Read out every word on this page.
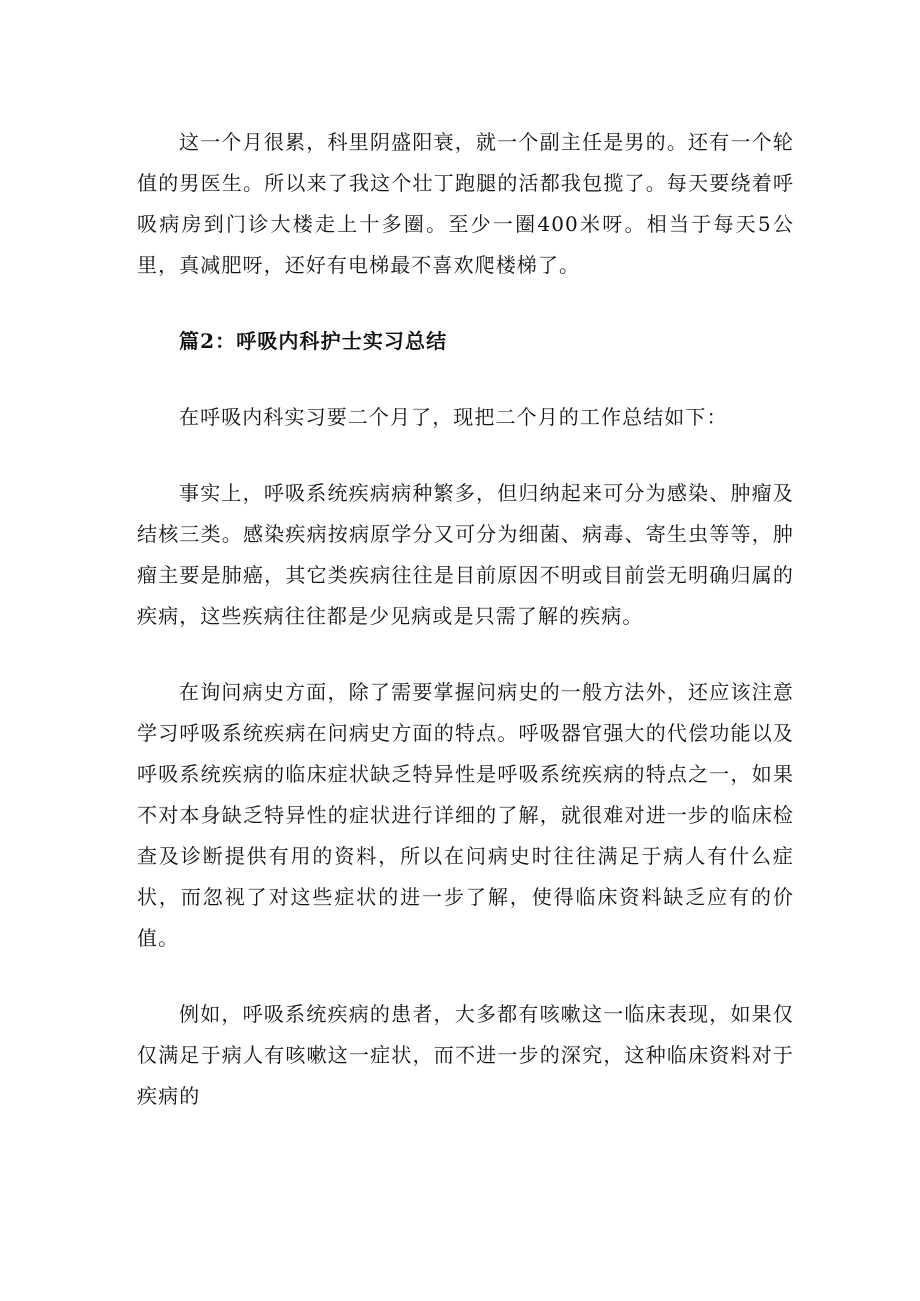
这一个月很累，科里阴盛阳衰，就一个副主任是男的。还有一个轮值的男医生。所以来了我这个壮丁跑腿的活都我包揽了。每天要绕着呼吸病房到门诊大楼走上十多圈。至少一圈400米呀。相当于每天5公里，真减肥呀，还好有电梯最不喜欢爬楼梯了。

篇2：呼吸内科护士实习总结

在呼吸内科实习要二个月了，现把二个月的工作总结如下：

事实上，呼吸系统疾病病种繁多，但归纳起来可分为感染、肿瘤及结核三类。感染疾病按病原学分又可分为细菌、病毒、寄生虫等等，肿瘤主要是肺癌，其它类疾病往往是目前原因不明或目前尝无明确归属的疾病，这些疾病往往都是少见病或是只需了解的疾病。

在询问病史方面，除了需要掌握问病史的一般方法外，还应该注意学习呼吸系统疾病在问病史方面的特点。呼吸器官强大的代偿功能以及呼吸系统疾病的临床症状缺乏特异性是呼吸系统疾病的特点之一，如果不对本身缺乏特异性的症状进行详细的了解，就很难对进一步的临床检查及诊断提供有用的资料，所以在问病史时往往满足于病人有什么症状，而忽视了对这些症状的进一步了解，使得临床资料缺乏应有的价值。

例如，呼吸系统疾病的患者，大多都有咳嗽这一临床表现，如果仅仅满足于病人有咳嗽这一症状，而不进一步的深究，这种临床资料对于疾病的
